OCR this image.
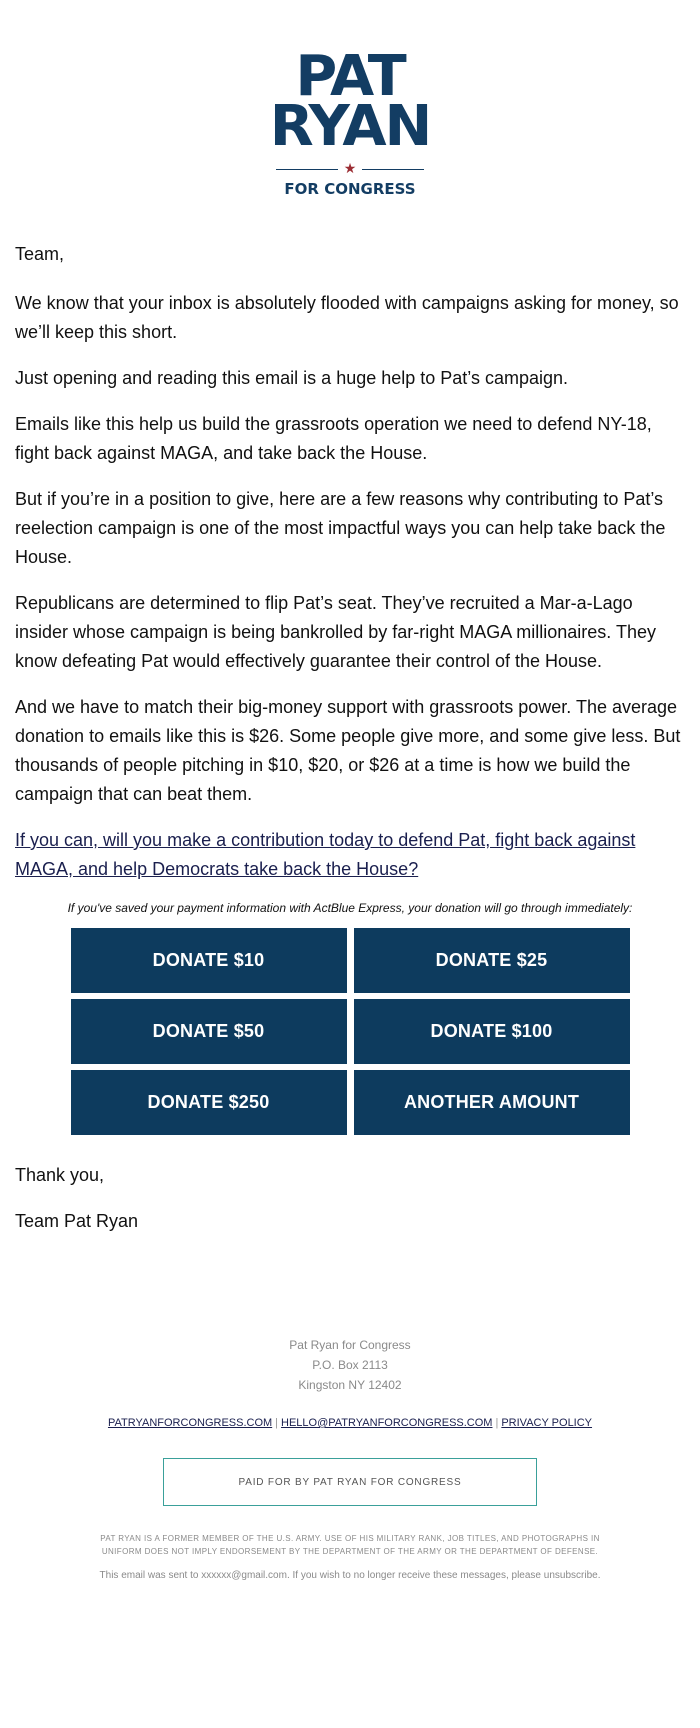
PAT
RYAN
★
FOR CONGRESS

Team,

We know that your inbox is absolutely flooded with campaigns asking for money, so we’ll keep this short.

Just opening and reading this email is a huge help to Pat’s campaign.

Emails like this help us build the grassroots operation we need to defend NY-18, fight back against MAGA, and take back the House.

But if you’re in a position to give, here are a few reasons why contributing to Pat’s reelection campaign is one of the most impactful ways you can help take back the House.

Republicans are determined to flip Pat’s seat. They’ve recruited a Mar-a-Lago insider whose campaign is being bankrolled by far-right MAGA millionaires. They know defeating Pat would effectively guarantee their control of the House.

And we have to match their big-money support with grassroots power. The average donation to emails like this is $26. Some people give more, and some give less. But thousands of people pitching in $10, $20, or $26 at a time is how we build the campaign that can beat them.

If you can, will you make a contribution today to defend Pat, fight back against MAGA, and help Democrats take back the House?

If you've saved your payment information with ActBlue Express, your donation will go through immediately:
DONATE $10	DONATE $25
DONATE $50	DONATE $100
DONATE $250	ANOTHER AMOUNT

Thank you,

Team Pat Ryan

Pat Ryan for Congress
P.O. Box 2113
Kingston NY 12402
PATRYANFORCONGRESS.COM | HELLO@PATRYANFORCONGRESS.COM | PRIVACY POLICY
PAID FOR BY PAT RYAN FOR CONGRESS
PAT RYAN IS A FORMER MEMBER OF THE U.S. ARMY. USE OF HIS MILITARY RANK, JOB TITLES, AND PHOTOGRAPHS IN UNIFORM DOES NOT IMPLY ENDORSEMENT BY THE DEPARTMENT OF THE ARMY OR THE DEPARTMENT OF DEFENSE.
This email was sent to xxxxxx@gmail.com. If you wish to no longer receive these messages, please unsubscribe.
